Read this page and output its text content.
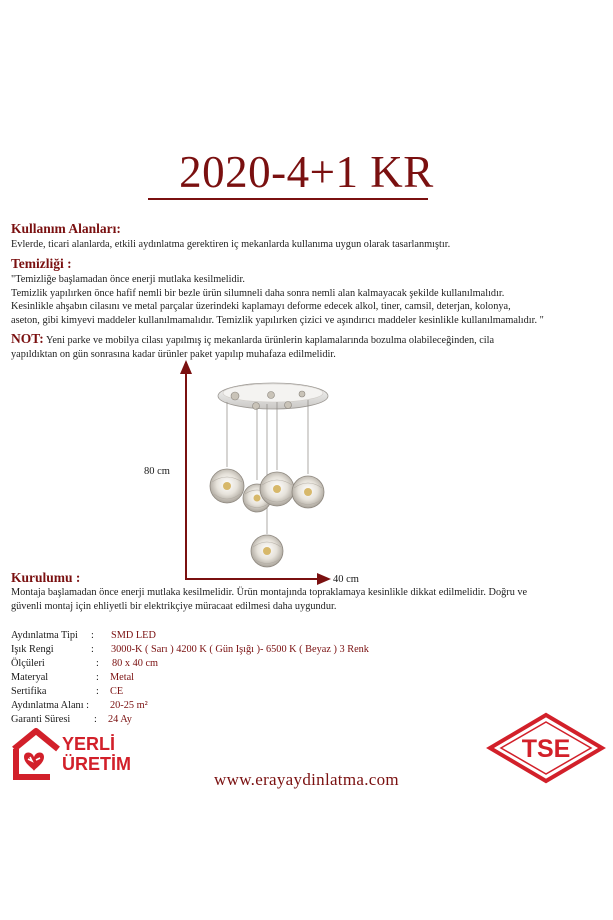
2020-4+1 KR
Kullanım Alanları:
Evlerde, ticari alanlarda, etkili aydınlatma gerektiren iç mekanlarda kullanıma uygun olarak tasarlanmıştır.
Temizliği :
"Temizliğe başlamadan önce enerji mutlaka kesilmelidir.
Temizlik yapılırken önce hafif nemli bir bezle ürün silumneli daha sonra nemli alan kalmayacak şekilde kullanılmalıdır.
Kesinlikle ahşabın cilasını ve metal parçalar üzerindeki kaplamayı deforme edecek alkol, tiner, camsil, deterjan, kolonya,
aseton, gibi kimyevi maddeler kullanılmamalıdır. Temizlik yapılırken çizici ve aşındırıcı maddeler kesinlikle kullanılmamalıdır. "
NOT: Yeni parke ve mobilya cilası yapılmış iç mekanlarda ürünlerin kaplamalarında bozulma olabileceğinden, cila
yapıldıktan on gün sonrasına kadar ürünler paket yapılıp muhafaza edilmelidir.
80 cm
40 cm
Kurulumu :
Montaja başlamadan önce enerji mutlaka kesilmelidir. Ürün montajında topraklamaya kesinlikle dikkat edilmelidir. Doğru ve
güvenli montaj için ehliyetli bir elektrikçiye müracaat edilmesi daha uygundur.
Aydınlatma Tipi : SMD LED
Işık Rengi	: 3000-K ( Sarı ) 4200 K ( Gün Işığı )- 6500 K ( Beyaz ) 3 Renk
Ölçüleri	: 80 x 40 cm
Materyal	: Metal
Sertifika	: CE
Aydınlatma Alanı : 20-25 m²
Garanti Süresi : 24 Ay
YERLİ
ÜRETİM
TSE
www.erayaydinlatma.com
